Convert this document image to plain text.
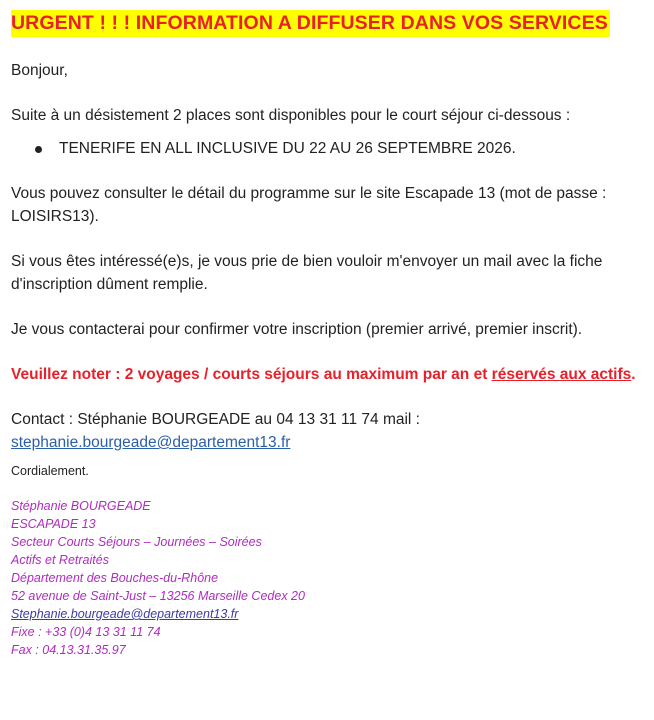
URGENT ! ! ! INFORMATION A DIFFUSER DANS VOS SERVICES

Bonjour,

Suite à un désistement 2 places sont disponibles pour le court séjour ci-dessous :

TENERIFE EN ALL INCLUSIVE DU 22 AU 26 SEPTEMBRE 2026.

Vous pouvez consulter le détail du programme sur le site Escapade 13 (mot de passe : LOISIRS13).

Si vous êtes intéressé(e)s, je vous prie de bien vouloir m'envoyer un mail avec la fiche d'inscription dûment remplie.

Je vous contacterai pour confirmer votre inscription (premier arrivé, premier inscrit).

Veuillez noter : 2 voyages / courts séjours au maximum par an et réservés aux actifs.

Contact : Stéphanie BOURGEADE au 04 13 31 11 74 mail :
stephanie.bourgeade@departement13.fr

Cordialement.

Stéphanie BOURGEADE
ESCAPADE 13
Secteur Courts Séjours – Journées – Soirées
Actifs et Retraités
Département des Bouches-du-Rhône
52 avenue de Saint-Just – 13256 Marseille Cedex 20
Stephanie.bourgeade@departement13.fr
Fixe : +33 (0)4 13 31 11 74
Fax : 04.13.31.35.97
